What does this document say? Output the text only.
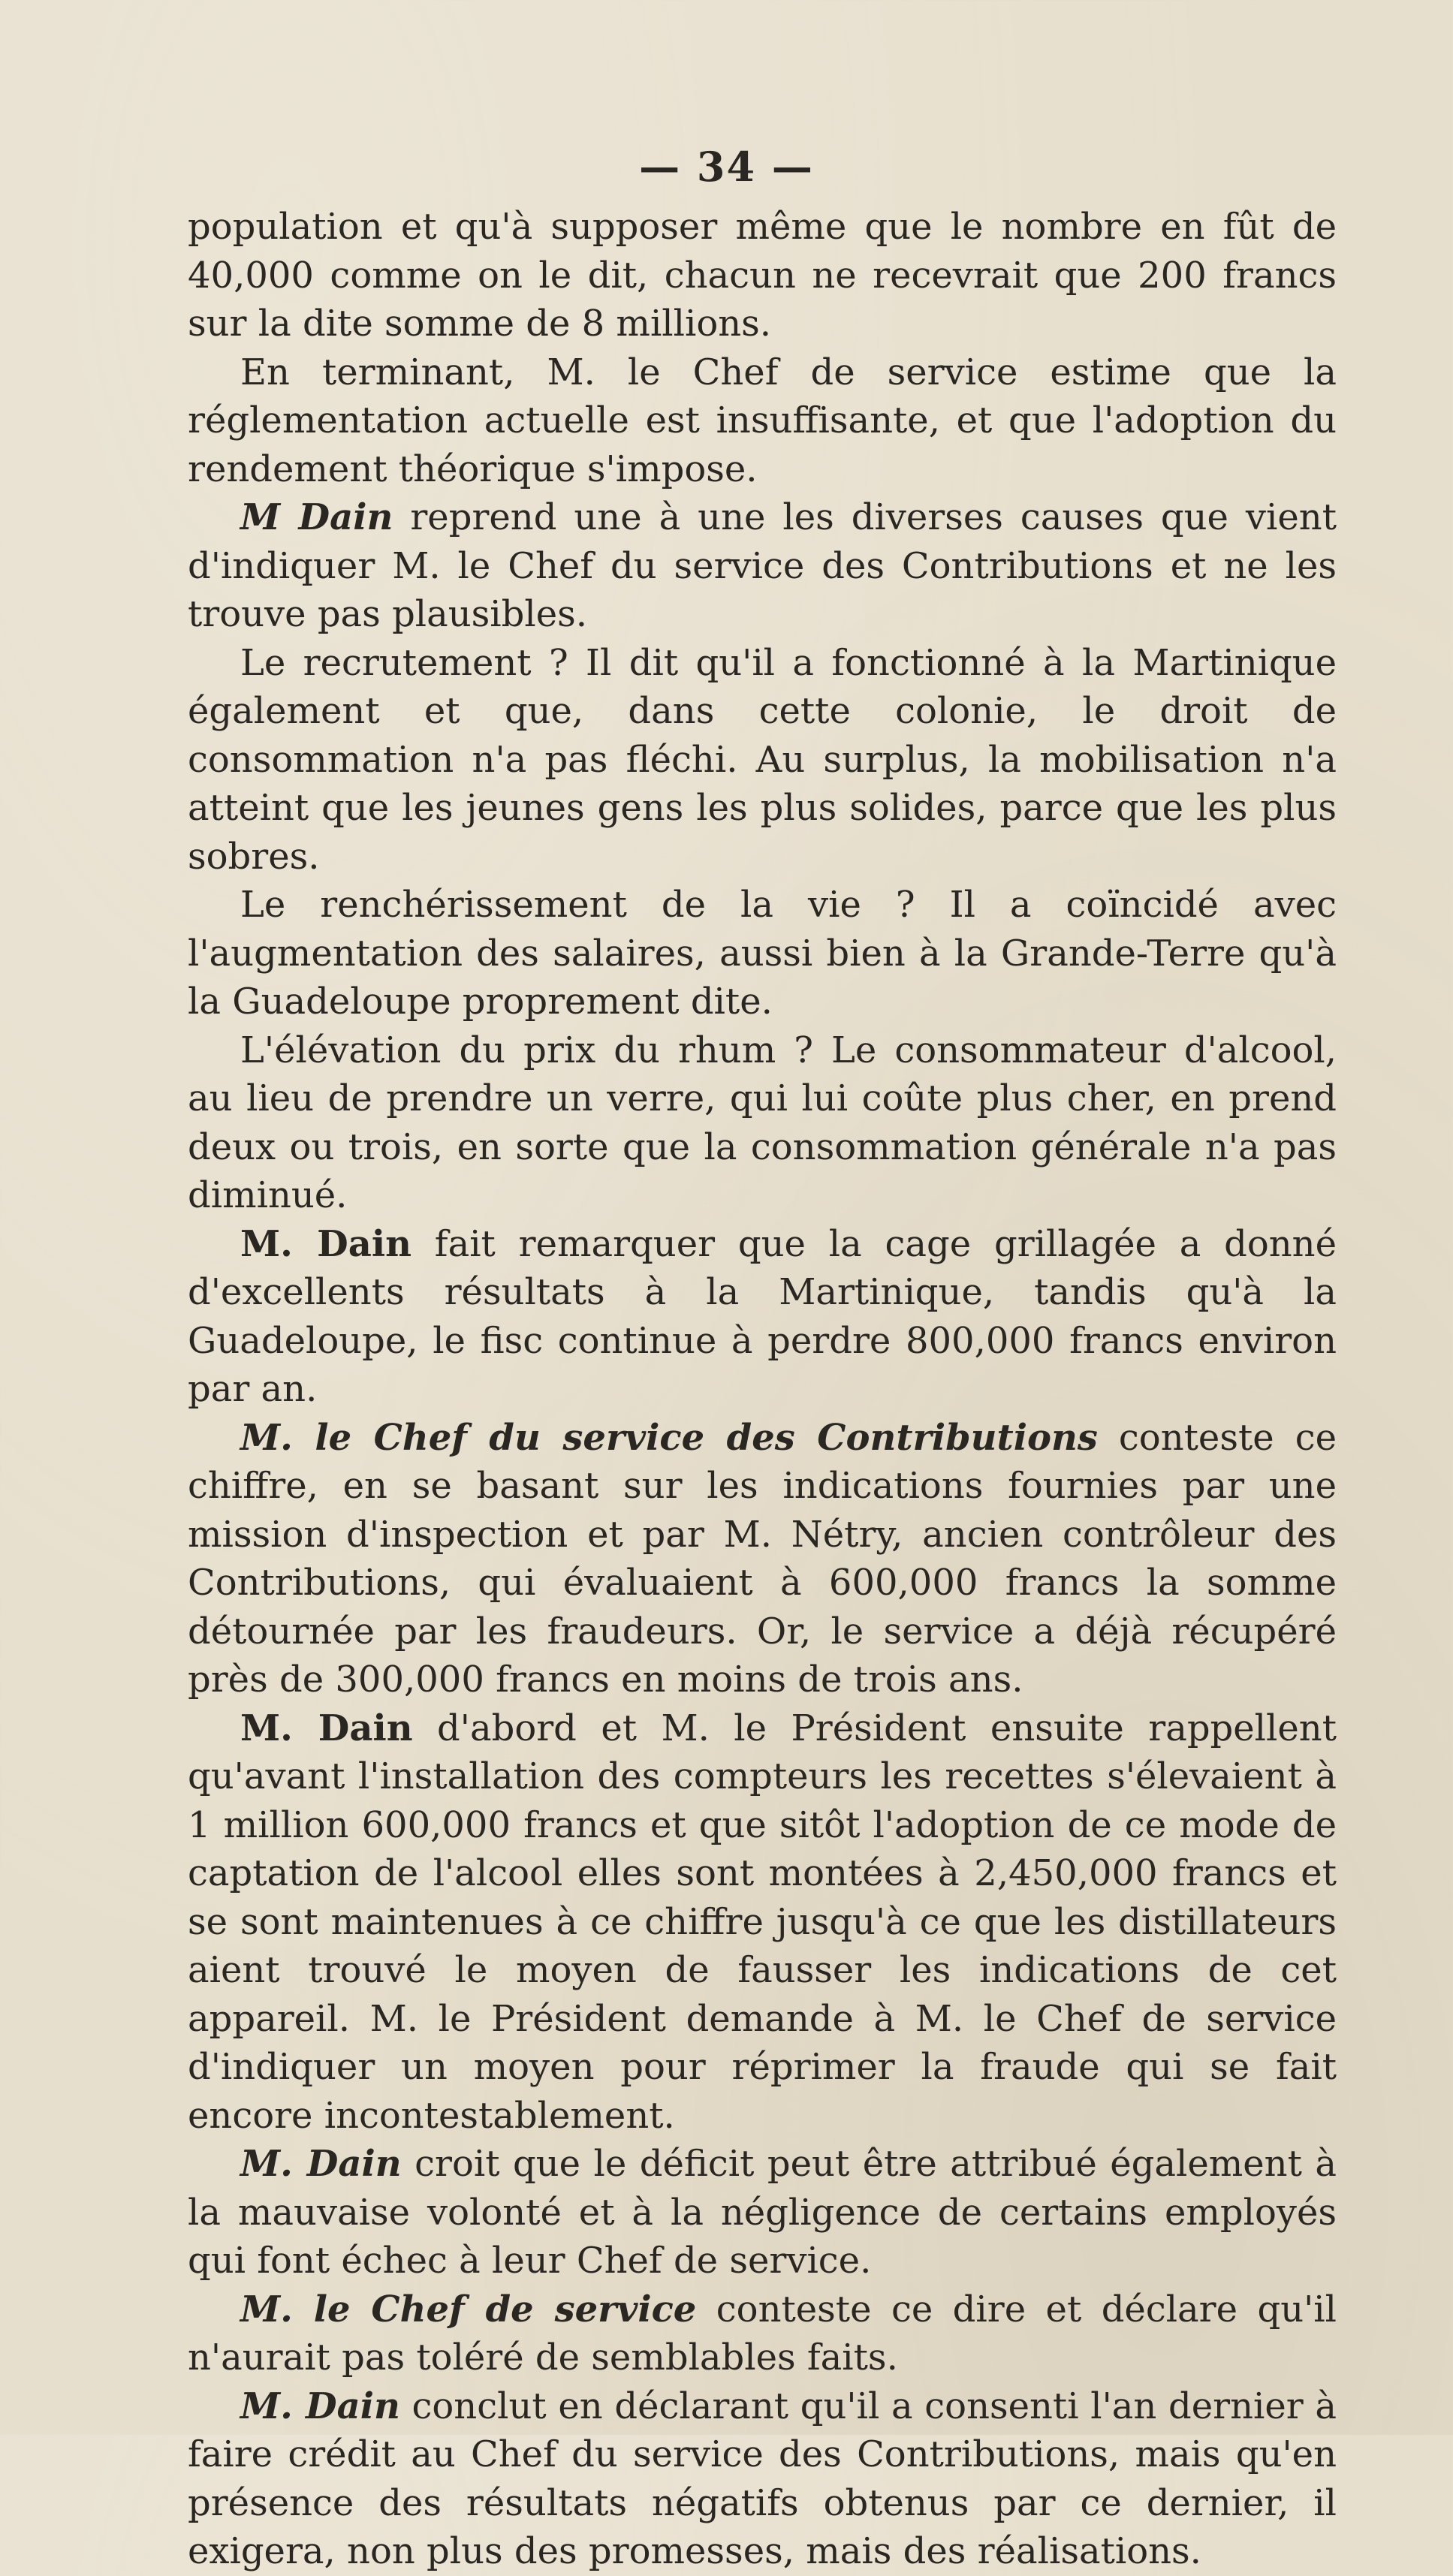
— 34 —

population et qu'à supposer même que le nombre en fût de 40,000 comme on le dit, chacun ne recevrait que 200 francs sur la dite somme de 8 millions.

En terminant, M. le Chef de service estime que la réglementation actuelle est insuffisante, et que l'adoption du rendement théorique s'impose.

M Dain reprend une à une les diverses causes que vient d'indiquer M. le Chef du service des Contributions et ne les trouve pas plausibles.

Le recrutement ? Il dit qu'il a fonctionné à la Martinique également et que, dans cette colonie, le droit de consommation n'a pas fléchi. Au surplus, la mobilisation n'a atteint que les jeunes gens les plus solides, parce que les plus sobres.

Le renchérissement de la vie ? Il a coïncidé avec l'augmentation des salaires, aussi bien à la Grande-Terre qu'à la Guadeloupe proprement dite.

L'élévation du prix du rhum ? Le consommateur d'alcool, au lieu de prendre un verre, qui lui coûte plus cher, en prend deux ou trois, en sorte que la consommation générale n'a pas diminué.

M. Dain fait remarquer que la cage grillagée a donné d'excellents résultats à la Martinique, tandis qu'à la Guadeloupe, le fisc continue à perdre 800,000 francs environ par an.

M. le Chef du service des Contributions conteste ce chiffre, en se basant sur les indications fournies par une mission d'inspection et par M. Nétry, ancien contrôleur des Contributions, qui évaluaient à 600,000 francs la somme détournée par les fraudeurs. Or, le service a déjà récupéré près de 300,000 francs en moins de trois ans.

M. Dain d'abord et M. le Président ensuite rappellent qu'avant l'installation des compteurs les recettes s'élevaient à 1 million 600,000 francs et que sitôt l'adoption de ce mode de captation de l'alcool elles sont montées à 2,450,000 francs et se sont maintenues à ce chiffre jusqu'à ce que les distillateurs aient trouvé le moyen de fausser les indications de cet appareil. M. le Président demande à M. le Chef de service d'indiquer un moyen pour réprimer la fraude qui se fait encore incontestablement.

M. Dain croit que le déficit peut être attribué également à la mauvaise volonté et à la négligence de certains employés qui font échec à leur Chef de service.

M. le Chef de service conteste ce dire et déclare qu'il n'aurait pas toléré de semblables faits.

M. Dain conclut en déclarant qu'il a consenti l'an dernier à faire crédit au Chef du service des Contributions, mais qu'en présence des résultats négatifs obtenus par ce dernier, il exigera, non plus des promesses, mais des réalisations.
